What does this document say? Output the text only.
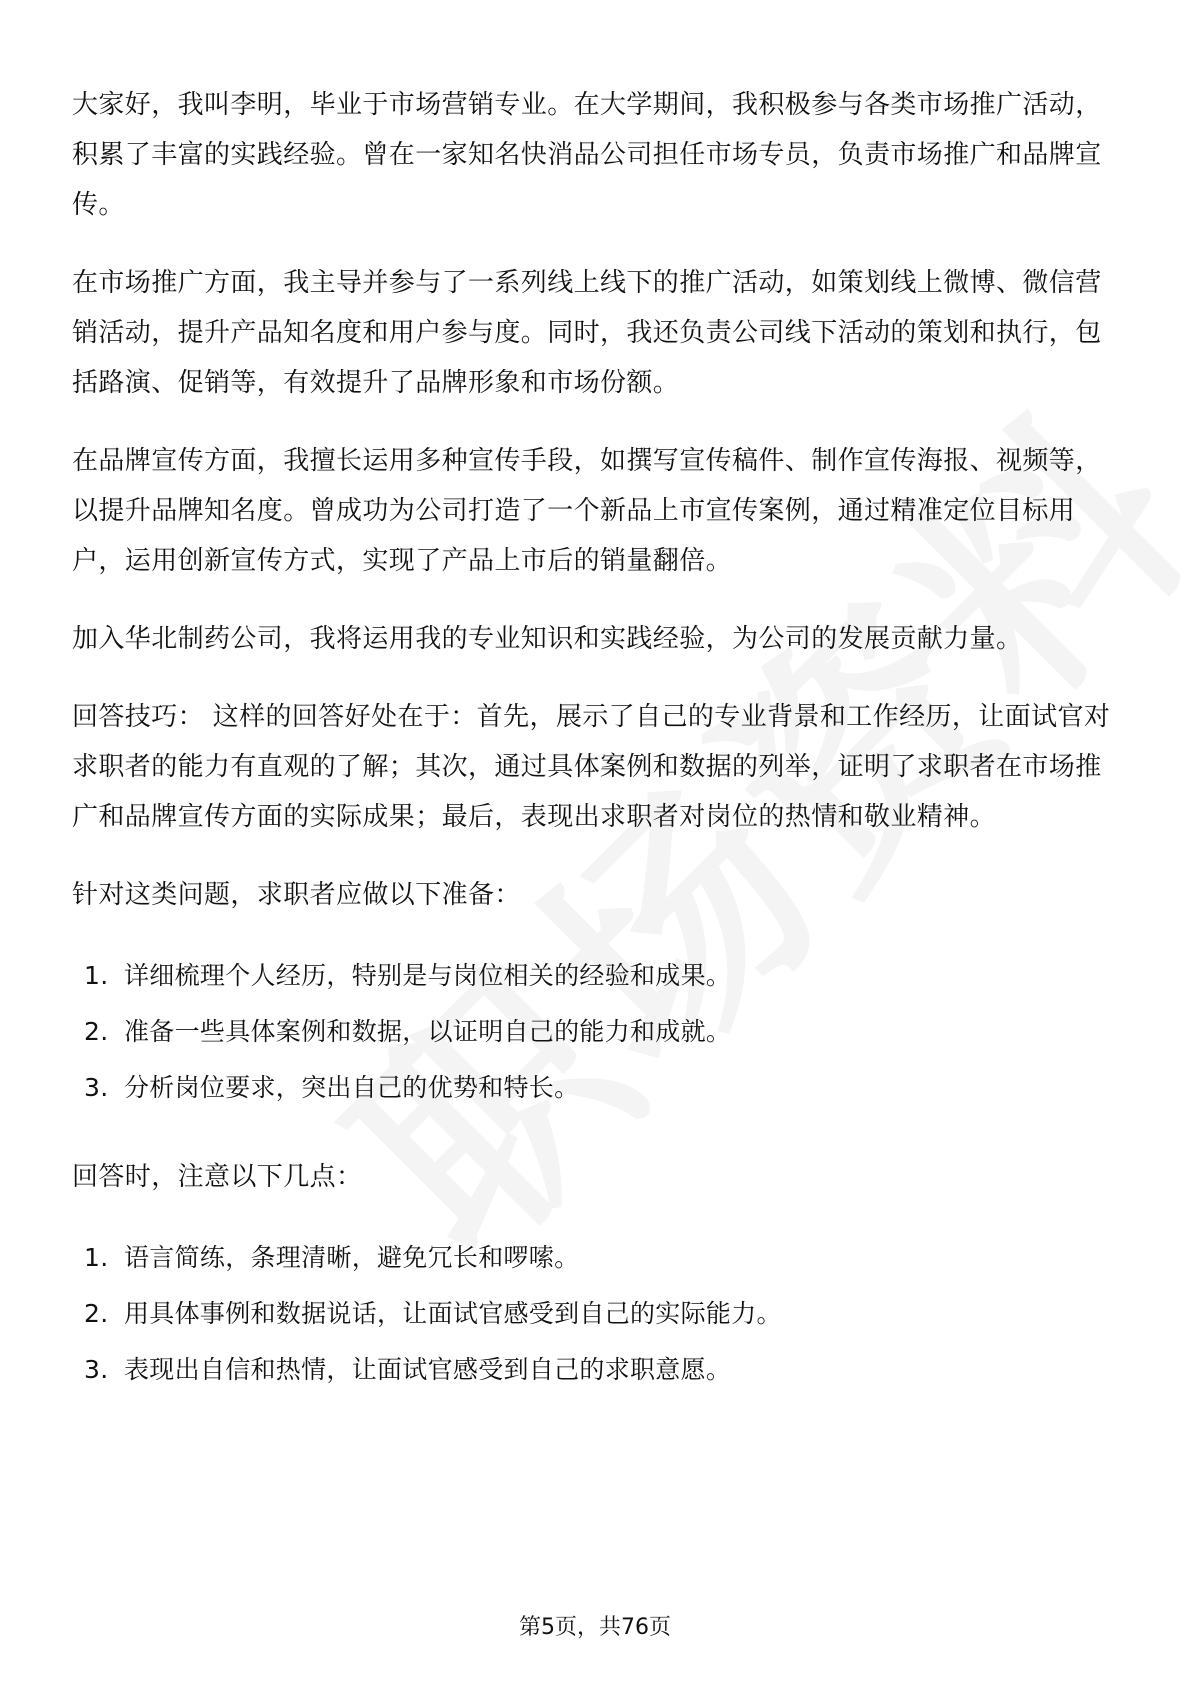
大家好，我叫李明，毕业于市场营销专业。在大学期间，我积极参与各类市场推广活动，积累了丰富的实践经验。曾在一家知名快消品公司担任市场专员，负责市场推广和品牌宣传。

在市场推广方面，我主导并参与了一系列线上线下的推广活动，如策划线上微博、微信营销活动，提升产品知名度和用户参与度。同时，我还负责公司线下活动的策划和执行，包括路演、促销等，有效提升了品牌形象和市场份额。

在品牌宣传方面，我擅长运用多种宣传手段，如撰写宣传稿件、制作宣传海报、视频等，以提升品牌知名度。曾成功为公司打造了一个新品上市宣传案例，通过精准定位目标用户，运用创新宣传方式，实现了产品上市后的销量翻倍。

加入华北制药公司，我将运用我的专业知识和实践经验，为公司的发展贡献力量。

回答技巧： 这样的回答好处在于：首先，展示了自己的专业背景和工作经历，让面试官对求职者的能力有直观的了解；其次，通过具体案例和数据的列举，证明了求职者在市场推广和品牌宣传方面的实际成果；最后，表现出求职者对岗位的热情和敬业精神。

针对这类问题，求职者应做以下准备：

1. 详细梳理个人经历，特别是与岗位相关的经验和成果。
2. 准备一些具体案例和数据，以证明自己的能力和成就。
3. 分析岗位要求，突出自己的优势和特长。

回答时，注意以下几点：

1. 语言简练，条理清晰，避免冗长和啰嗦。
2. 用具体事例和数据说话，让面试官感受到自己的实际能力。
3. 表现出自信和热情，让面试官感受到自己的求职意愿。
第5页，共76页
